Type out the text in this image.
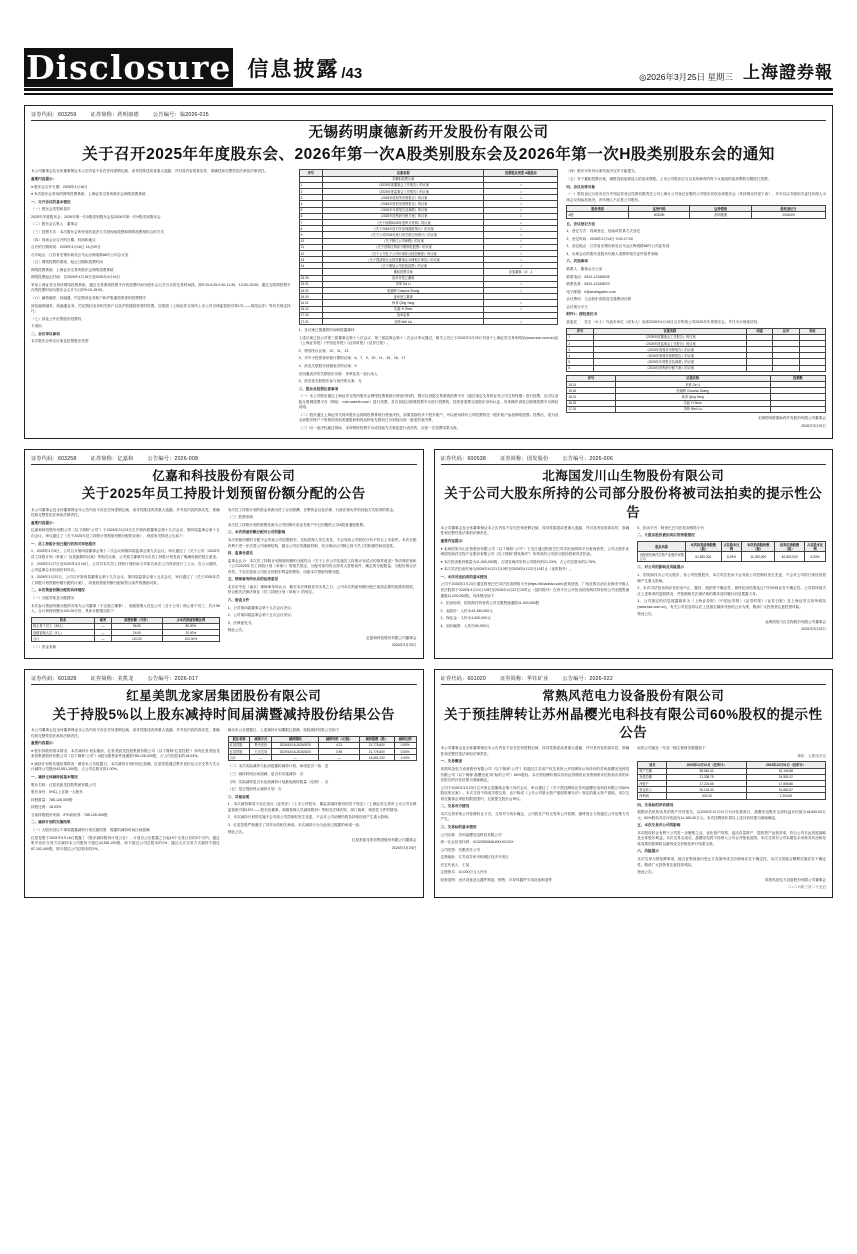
Disclosure 信息披露 /43	◎2026年3月25日 星期三 上海證券報
证券代码：603259	证券简称：药明康德	公告编号：临2026-015
无锡药明康德新药开发股份有限公司
关于召开2025年年度股东会、2026年第一次A股类别股东会及2026年第一次H股类别股东会的通知

本公司董事会及全体董事保证本公告内容不存在任何虚假记载、误导性陈述或者重大遗漏，并对其内容的真实性、准确性和完整性依法承担法律责任。

重要内容提示：

● 股东会召开日期：2026年4月16日

● 本次股东会采用的网络投票系统：上海证券交易所股东会网络投票系统

一、召开会议的基本情况

（一）股东会类型和届次

2025年年度股东会、2026年第一次A股类别股东会及2026年第一次H股类别股东会

（二）股东会召集人：董事会

（三）投票方式：本次股东会所采用的表决方式是现场投票和网络投票相结合的方式

（四）现场会议召开的日期、时间和地点

召开的日期时间：2026年4月16日 14点00分

召开地点：江苏省无锡市新吴区马山区梅梁路88号公司会议室

（五）网络投票的系统、起止日期和投票时间

网络投票系统：上海证券交易所股东会网络投票系统

网络投票起止时间：自2026年4月16日至2026年4月16日

采用上海证券交易所网络投票系统，通过交易系统投票平台的投票时间为股东会召开当日的交易时间段，即9:15-9:25,9:30-11:30，13:00-15:00；通过互联网投票平台的投票时间为股东会召开当日的9:15-15:00。

（六）融资融券、转融通、约定购回业务账户和沪股通投资者的投票程序

涉及融资融券、转融通业务、约定购回业务相关账户以及沪股通投资者的投票，应按照《上海证券交易所上市公司自律监管指引第1号——规范运作》等有关规定执行。

（七）涉及公开征集股东投票权

不适用

二、会议审议事项

本次股东会审议议案及投票股东类型

序号	议案名称	投票股东类型 A股股东
	非累积投票议案	
1	《2025年度董事会工作报告》的议案	√
2	《2025年度监事会工作报告》的议案	√
3	《2025年度财务决算报告》的议案	√
4	《2026年度财务预算报告》的议案	√
5	《2025年年度报告及摘要》的议案	√
6	《2025年度利润分配方案》的议案	√
7	《关于续聘2026年度审计机构》的议案	√
8	《关于2026年度对外担保额度预计》的议案	√
9	《关于公司2026年度日常关联交易预计》的议案	√
10	《关于修订公司章程》的议案	√
11	《关于回购注销部分限制性股票》的议案	√
12	《关于公司及子公司申请综合授信额度》的议案	√
13	《关于提请股东会授权董事会办理相关事宜》的议案	√
14	《关于增加公司经营范围》的议案	√
	累积投票议案	应选董事（2）人
15.00	选举非独立董事	
15.01	李革 Ge Li	√
15.02	张朝晖 Chaohui Zhang	√
16.00	选举独立董事	
16.01	杨青 Qing Yang	√
16.02	沈毅 Yi Shen	√
17.00	选举监事	
17.01	刘炜 Wei Liu	√

1、各议案已披露的时间和披露媒体

上述议案已经公司第三届董事会第十八次会议、第三届监事会第十二次会议审议通过，相关公告已于2026年3月25日刊登于上海证券交易所网站(www.sse.com.cn)及《上海证券报》《中国证券报》《证券时报》《证券日报》。

2、特别决议议案：10、11、13

3、对中小投资者单独计票的议案：6、7、9、10、11、15、16、17

4、涉及关联股东回避表决的议案：9

应回避表决的关联股东名称：李革及其一致行动人

5、涉及优先股股东参与表决的议案：无

三、股东会投票注意事项

（一）本公司股东通过上海证券交易所股东会网络投票系统行使表决权的，既可以登陆交易系统投票平台（通过指定交易的证券公司交易终端）进行投票，也可以登陆互联网投票平台（网址：vote.sseinfo.com）进行投票。首次登陆互联网投票平台进行投票的，投资者需要完成股东身份认证。具体操作请见互联网投票平台网站说明。

（二）股东通过上海证券交易所股东会网络投票系统行使表决权，如果其拥有多个股东账户，可以使用持有公司股票的任一股东账户参加网络投票。投票后，视为其全部股东账户下的相同类别普通股和相同品种优先股均已分别投出同一意见的表决票。

（三）同一表决权通过现场、本所网络投票平台或其他方式重复进行表决的，以第一次投票结果为准。

（四）股东对所有议案均表决完毕才能提交。

（五）对于累积投票议案，填报投给某候选人的选举票数。上市公司股东应当以其所拥有的每个议案组的选举票数为限进行投票。

四、会议出席对象

（一）股权登记日收市后在中国证券登记结算有限责任公司上海分公司登记在册的公司股东有权出席股东会（具体情况详见下表），并可以以书面形式委托代理人出席会议和参加表决。该代理人不必是公司股东。

股份类别	证券代码	证券简称	股权登记日
A股	603259	药明康德	2026/4/9

五、会议登记方法

1、登记方式：现场登记、信函或传真方式登记

2、登记时间：2026年4月14日 9:00-17:00

3、登记地点：江苏省无锡市新吴区马山区梅梁路88号公司证券部

4、出席会议的股东及股东代理人请携带相关证件原件到场

六、其他事项

联系人：董事会办公室

联系电话：0510-12345678

联系传真：0510-12345679

电子邮箱：ir@wuxiapptec.com

会议费用：与会股东食宿及交通费用自理

会议预计半天

附件1：授权委托书

兹委托　　先生（女士）代表本单位（或本人）出席2026年4月16日召开的贵公司2025年年度股东会，并代为行使表决权。

序号	议案名称	同意	反对	弃权
1	《2025年度董事会工作报告》的议案			
2	《2025年度监事会工作报告》的议案			
3	《2025年度财务决算报告》的议案			
4	《2026年度财务预算报告》的议案			
5	《2025年年度报告及摘要》的议案			
6	《2025年度利润分配方案》的议案			
序号	议案名称	投票数
15.01	李革 Ge Li	
15.02	张朝晖 Chaohui Zhang	
16.01	杨青 Qing Yang	
16.02	沈毅 Yi Shen	
17.01	刘炜 Wei Liu	

无锡药明康德新药开发股份有限公司董事会

2026年3月25日

证券代码：603258	证券简称：亿嘉和	公告编号：2026-008
亿嘉和科技股份有限公司
关于2025年员工持股计划预留份额分配的公告

本公司董事会及全体董事保证本公告内容不存在任何虚假记载、误导性陈述或者重大遗漏，并对其内容的真实性、准确性和完整性依法承担法律责任。

重要内容提示：

亿嘉和科技股份有限公司（以下简称“公司”）于2026年3月23日召开第四届董事会第十九次会议、第四届监事会第十五次会议，审议通过了《关于2025年员工持股计划预留份额分配的议案》，现将有关情况公告如下：

一、员工持股计划已履行的相关审批程序

1、2025年3月6日，公司召开第四届董事会第十二次会议和第四届监事会第九次会议，审议通过了《关于公司〈2025年员工持股计划（草案）〉及其摘要的议案》等相关议案，公司独立董事对本次员工持股计划发表了明确同意的独立意见。

2、2025年3月7日至2025年3月16日，公司对本次员工持股计划的参与对象名单在公司内部进行了公示，在公示期内，公司监事会未收到任何异议。

3、2026年3月23日，公司召开第四届董事会第十九次会议、第四届监事会第十五次会议，审议通过了《关于2025年员工持股计划预留份额分配的议案》，同意将预留份额分配给符合条件的激励对象。

二、本次预留份额分配的具体情况

（一）分配对象及分配情况

本次参与预留份额分配的对象为公司董事（不含独立董事）、高级管理人员及公司（含子公司）核心骨干员工，共计38人，合计获授份额为120.00万份，具体分配情况如下：

姓名	职务	获授份额（万份）	占本次预留份额比例
核心骨干员工（35人）	—	96.00	80.00%
高级管理人员（3人）	—	24.00	20.00%
合计	—	120.00	100.00%

（二）资金来源

本次员工持股计划的资金来源为员工合法薪酬、自筹资金以及法律、行政法规允许的其他方式取得的资金。

（三）股票来源

本次员工持股计划的股票来源为公司回购专用证券账户中已回购的公司A股普通股股票。

三、本次预留份额分配对公司的影响

本次预留份额的分配不会导致公司控股股东、实际控制人发生变化，不会导致公司股权分布不符合上市条件。本次分配有利于进一步完善公司治理结构，健全公司长效激励机制，充分调动公司核心骨干员工的积极性和创造性。

四、监事会意见

监事会认为：本次员工持股计划预留份额的分配符合《关于上市公司实施员工持股计划试点的指导意见》等法律法规和《公司2025年员工持股计划（草案）》的相关规定，分配对象均符合持有人资格条件，确定的分配数量、分配价格合法有效，不存在损害公司及全体股东利益的情形，同意本次预留份额分配。

五、律师事务所出具的法律意见

北京市中伦（南京）律师事务所认为：截至本法律意见书出具之日，公司本次预留份额分配已取得必要的批准和授权，符合相关法律法规及《员工持股计划（草案）》的规定。

六、备查文件

1、公司第四届董事会第十九次会议决议；

2、公司第四届监事会第十五次会议决议；

3、法律意见书。

特此公告。

亿嘉和科技股份有限公司董事会

2026年3月25日

证券代码：600538	证券简称：国发股份	公告编号：2026-006
北海国发川山生物股份有限公司
关于公司大股东所持的公司部分股份将被司法拍卖的提示性公告

本公司董事会及全体董事保证本公告内容不存在任何虚假记载、误导性陈述或者重大遗漏，并对其内容的真实性、准确性和完整性依法承担法律责任。

重要内容提示：

● 北海国发川山生物股份有限公司（以下简称“公司”）于近日通过阿里巴巴司法拍卖网络平台查询获悉，公司大股东北海国发海洋生物产业股份有限公司（以下简称“国发海洋”）所持有的公司部分股份将被司法拍卖。

● 本次拍卖股份数量为11,000,000股，占国发海洋所持公司股份的21.23%，占公司总股本的1.76%。

● 本次司法拍卖时间为2026年4月21日10时至2026年4月22日10时止（延时除外）。

一、本次司法拍卖的基本情况

公司于2026年3月23日通过阿里巴巴司法拍卖网络平台(https://sf.taobao.com)查询获悉，广西壮族自治区北海市中级人民法院将于2026年4月21日10时至2026年4月22日10时止（延时除外）在该平台公开拍卖国发海洋持有的公司无限售流通股11,000,000股。具体情况如下：

1、拍卖标的：国发海洋持有的公司无限售流通股11,000,000股

2、起拍价：人民币43,450,000元

3、保证金：人民币4,000,000元

4、加价幅度：人民币50,000元

5、拍卖平台：阿里巴巴司法拍卖网络平台

二、大股东股份被拍卖后的持股情况

股东名称	本次拍卖前持股数（股）	占总股本比例	本次拍卖股份数（股）	拍卖后持股数（股）	占总股本比例
北海国发海洋生物产业股份有限公司	51,820,000	8.29%	11,000,000	40,820,000	6.53%

三、对公司的影响及风险提示

1、国发海洋为公司大股东，非公司控股股东，本次司法拍卖不会导致公司控制权发生变更，不会对公司的日常经营管理产生重大影响。

2、本次司法拍卖尚存在拍卖中止、撤回、流拍等不确定性，最终拍卖结果及过户时间尚存在不确定性。公司将持续关注上述事项的进展情况，并按照相关法律法规的要求及时履行信息披露义务。

3、公司指定的信息披露媒体为《上海证券报》《中国证券报》《证券时报》《证券日报》及上海证券交易所网站(www.sse.com.cn)，有关公司信息均以在上述指定媒体刊登的公告为准，敬请广大投资者注意投资风险。

特此公告。

北海国发川山生物股份有限公司董事会

2026年3月25日

证券代码：601828	证券简称：美凯龙	公告编号：2026-017
红星美凯龙家居集团股份有限公司
关于持股5%以上股东减持时间届满暨减持股份结果公告

本公司董事会及全体董事保证本公告内容不存在任何虚假记载、误导性陈述或者重大遗漏，并对其内容的真实性、准确性和完整性依法承担法律责任。

重要内容提示：

● 股东持股的基本情况：本次减持计划实施前，红星美凯龙控股集团有限公司（以下简称“红星控股”）持有红星美凯龙家居集团股份有限公司（以下简称“公司”）A股无限售条件流通股785,126,000股，占公司总股本的18.03%。

● 减持计划的实施结果情况：截至本公告披露日，本次减持计划时间已届满，红星控股通过集中竞价及大宗交易方式合计减持公司股份43,551,200股，占公司总股本的1.00%。

一、减持主体减持前基本情况

股东名称：红星美凯龙控股集团有限公司

股东身份：5%以上非第一大股东

持股数量：785,126,000股

持股比例：18.03%

当前持股股份来源：IPO前取得：785,126,000股

二、减持计划的实施结果

（一）大股东因以下事项披露减持计划实施结果：披露的减持时间区间届满

红星控股于2025年9月18日披露了《股东减持股份计划公告》，计划自公告披露之日起15个交易日后的3个月内，通过集中竞价交易方式减持本公司股份不超过43,551,200股，即不超过公司总股本的1%；通过大宗交易方式减持不超过87,102,400股，即不超过公司总股本的2%。

截至本公告披露日，上述减持计划期限已届满，现将减持结果公告如下：

股东名称	减持方式	减持期间	减持均价（元/股）	减持股数（股）	减持比例
红星控股	集中竞价	2025/10/16-2026/3/20	4.21	21,775,600	0.50%
红星控股	大宗交易	2025/10/16-2026/3/20	3.96	21,775,600	0.50%
合计	—	—	—	43,551,200	1.00%

（二）本次实际减持与此前披露的减持计划、承诺是否一致：是

（三）减持时间区间届满，是否未实施减持：否

（四）实际减持是否未达到减持计划最低减持数量（比例）：否

（五）是否提前终止减持计划：否

三、其他说明

1、本次减持事项不存在违反《证券法》《上市公司股东、董监高减持股份的若干规定》《上海证券交易所上市公司自律监管指引第15号——股东及董事、高级管理人员减持股份》等相关法律法规、部门规章、规范性文件的情形。

2、本次减持计划的实施不会导致公司控制权发生变更，不会对公司治理结构及持续经营产生重大影响。

3、红星控股严格遵守了其作出的相关承诺，本次减持行为与此前已披露的承诺一致。

特此公告。

红星美凯龙家居集团股份有限公司董事会

2026年3月25日

证券代码：601020	证券简称：华钰矿业	公告编号：2026-022
常熟风范电力设备股份有限公司
关于预挂牌转让苏州晶樱光电科技有限公司60%股权的提示性公告

本公司董事会及全体董事保证本公告内容不存在任何虚假记载、误导性陈述或者重大遗漏，并对其内容的真实性、准确性和完整性依法承担法律责任。

一、交易概述

常熟风范电力设备股份有限公司（以下简称“公司”）拟通过江苏省产权交易所公开挂牌转让所持有的苏州晶樱光电科技有限公司（以下简称“晶樱光电”或“标的公司”）60%股权。本次预挂牌价格以具有证券期货业务资格的评估机构出具的评估报告的评估结果为基础确定。

公司于2026年3月23日召开第五届董事会第十四次会议，审议通过了《关于预挂牌转让苏州晶樱光电科技有限公司60%股权的议案》。本次交易不构成关联交易，也不构成《上市公司重大资产重组管理办法》规定的重大资产重组。本次交易在董事会审批权限范围内，无需提交股东会审议。

二、交易对方情况

本次交易采取公开挂牌转让方式，交易对方尚未确定，公司将在产权交易所公开挂牌，最终受让方将通过公开征集方式产生。

三、交易标的基本情况

公司名称：苏州晶樱光电科技有限公司

统一社会信用代码：91320500MA1MXXXXXX

公司类型：有限责任公司

注册地址：江苏省苏州市相城区经济开发区

法定代表人：王某

注册资本：10,000万元人民币

经营范围：光伏设备及元器件制造、销售；半导体器件专用设备制造等

标的公司最近一年及一期主要财务数据如下：

单位：人民币万元

项目	2025年12月31日（经审计）	2024年12月31日（经审计）
资产总额	38,562.41	42,106.88
负债总额	21,338.75	24,551.02
净资产	17,223.66	17,555.86
营业收入	26,104.33	31,882.57
净利润	-332.20	1,204.65

四、交易标的评估情况

根据评估机构出具的资产评估报告，以2025年12月31日为评估基准日，晶樱光电股东全部权益评估值为18,600.00万元，60%股权对应评估值为11,160.00万元。本次挂牌底价将以上述评估结果为基础确定。

五、本次交易对公司的影响

本次股权转让有利于公司进一步聚焦主业，优化资产结构，盘活存量资产，提高资产运营效率，符合公司长远发展战略及全体股东利益。本次交易完成后，晶樱光电将不再纳入公司合并报表范围。本次交易对公司本期及未来财务状况和经营成果的影响将以最终成交价格及审计结果为准。

六、风险提示

本次交易为预挂牌事项，能否征集到意向受让方及最终成交价格尚存在不确定性，本次交易能否顺利实施存在不确定性，敬请广大投资者注意投资风险。

特此公告。

常熟风范电力设备股份有限公司董事会

二○二六年三月二十五日
